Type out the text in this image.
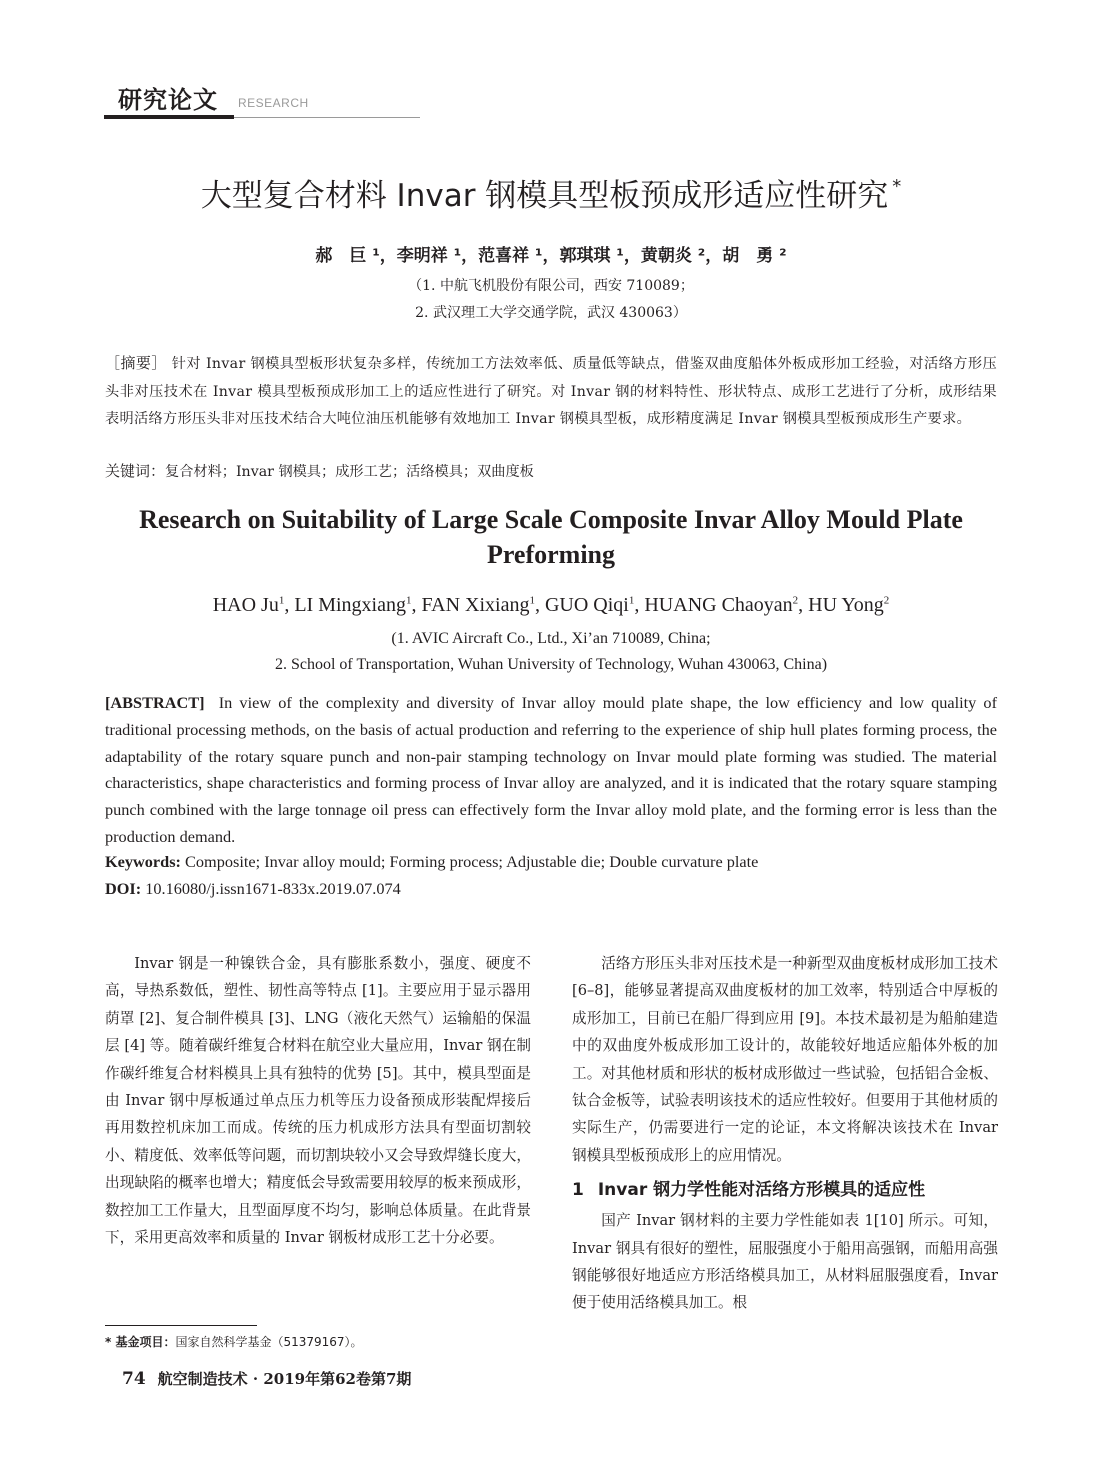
研究论文 RESEARCH
大型复合材料 Invar 钢模具型板预成形适应性研究 *
郝　巨 ¹，李明祥 ¹，范喜祥 ¹，郭琪琪 ¹，黄朝炎 ²，胡　勇 ²
（1. 中航飞机股份有限公司，西安 710089；
2. 武汉理工大学交通学院，武汉 430063）
［摘要］ 针对 Invar 钢模具型板形状复杂多样，传统加工方法效率低、质量低等缺点，借鉴双曲度船体外板成形加工经验，对活络方形压头非对压技术在 Invar 模具型板预成形加工上的适应性进行了研究。对 Invar 钢的材料特性、形状特点、成形工艺进行了分析，成形结果表明活络方形压头非对压技术结合大吨位油压机能够有效地加工 Invar 钢模具型板，成形精度满足 Invar 钢模具型板预成形生产要求。
关键词：复合材料；Invar 钢模具；成形工艺；活络模具；双曲度板
Research on Suitability of Large Scale Composite Invar Alloy Mould Plate Preforming
HAO Ju$^1$, LI Mingxiang$^1$, FAN Xixiang$^1$, GUO Qiqi$^1$, HUANG Chaoyan$^2$, HU Yong$^2$
(1. AVIC Aircraft Co., Ltd., Xi’an 710089, China;
2. School of Transportation, Wuhan University of Technology, Wuhan 430063, China)
[ABSTRACT] In view of the complexity and diversity of Invar alloy mould plate shape, the low efficiency and low quality of traditional processing methods, on the basis of actual production and referring to the experience of ship hull plates forming process, the adaptability of the rotary square punch and non-pair stamping technology on Invar mould plate forming was studied. The material characteristics, shape characteristics and forming process of Invar alloy are analyzed, and it is indicated that the rotary square stamping punch combined with the large tonnage oil press can effectively form the Invar alloy mold plate, and the forming error is less than the production demand.
Keywords: Composite; Invar alloy mould; Forming process; Adjustable die; Double curvature plate
DOI: 10.16080/j.issn1671-833x.2019.07.074

Invar 钢是一种镍铁合金，具有膨胀系数小，强度、硬度不高，导热系数低，塑性、韧性高等特点 [1]。主要应用于显示器用荫罩 [2]、复合制件模具 [3]、LNG（液化天然气）运输船的保温层 [4] 等。随着碳纤维复合材料在航空业大量应用，Invar 钢在制作碳纤维复合材料模具上具有独特的优势 [5]。其中，模具型面是由 Invar 钢中厚板通过单点压力机等压力设备预成形装配焊接后再用数控机床加工而成。传统的压力机成形方法具有型面切割较小、精度低、效率低等问题，而切割块较小又会导致焊缝长度大，出现缺陷的概率也增大；精度低会导致需要用较厚的板来预成形，数控加工工作量大，且型面厚度不均匀，影响总体质量。在此背景下，采用更高效率和质量的 Invar 钢板材成形工艺十分必要。

活络方形压头非对压技术是一种新型双曲度板材成形加工技术 [6–8]，能够显著提高双曲度板材的加工效率，特别适合中厚板的成形加工，目前已在船厂得到应用 [9]。本技术最初是为船舶建造中的双曲度外板成形加工设计的，故能较好地适应船体外板的加工。对其他材质和形状的板材成形做过一些试验，包括铝合金板、钛合金板等，试验表明该技术的适应性较好。但要用于其他材质的实际生产，仍需要进行一定的论证，本文将解决该技术在 Invar 钢模具型板预成形上的应用情况。

1 Invar 钢力学性能对活络方形模具的适应性

国产 Invar 钢材料的主要力学性能如表 1[10] 所示。可知，Invar 钢具有很好的塑性，屈服强度小于船用高强钢，而船用高强钢能够很好地适应方形活络模具加工，从材料屈服强度看，Invar 便于使用活络模具加工。根

* 基金项目：国家自然科学基金（51379167）。
74 航空制造技术 · 2019年第62卷第7期
